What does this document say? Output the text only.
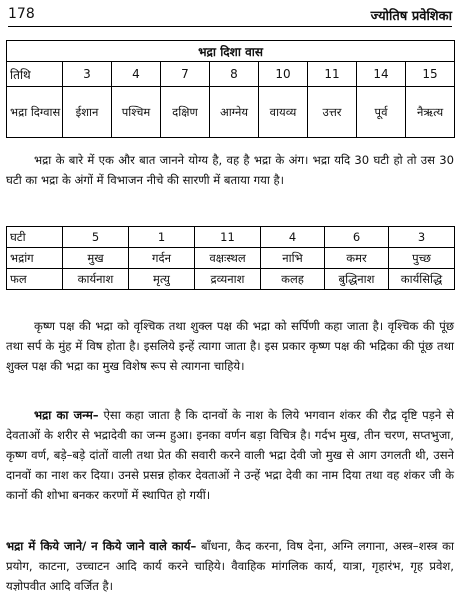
178	ज्योतिष प्रवेशिका
भद्रा दिशा वास								
तिथि	3	4	7	8	10	11	14	15
भद्रा दिग्वास	ईशान	पश्चिम	दक्षिण	आग्नेय	वायव्य	उत्तर	पूर्व	नैऋत्य
भद्रा के बारे में एक और बात जानने योग्य है, वह है भद्रा के अंग। भद्रा यदि 30 घटी हो तो उस 30 घटी का भद्रा के अंगों में विभाजन नीचे की सारणी में बताया गया है।
घटी	5	1	11	4	6	3
भद्रांग	मुख	गर्दन	वक्षःस्थल	नाभि	कमर	पुच्छ
फल	कार्यनाश	मृत्यु	द्रव्यनाश	कलह	बुद्धिनाश	कार्यसिद्धि
कृष्ण पक्ष की भद्रा को वृश्चिक तथा शुक्ल पक्ष की भद्रा को सर्पिणी कहा जाता है। वृश्चिक की पूंछ तथा सर्प के मुंह में विष होता है। इसलिये इन्हें त्यागा जाता है। इस प्रकार कृष्ण पक्ष की भद्रिका की पूंछ तथा शुक्ल पक्ष की भद्रा का मुख विशेष रूप से त्यागना चाहिये।
भद्रा का जन्म– ऐसा कहा जाता है कि दानवों के नाश के लिये भगवान शंकर की रौद्र दृष्टि पड़ने से देवताओं के शरीर से भद्रादेवी का जन्म हुआ। इनका वर्णन बड़ा विचित्र है। गर्दभ मुख, तीन चरण, सप्तभुजा, कृष्ण वर्ण, बड़े–बड़े दांतों वाली तथा प्रेत की सवारी करने वाली भद्रा देवी जो मुख से आग उगलती थी, उसने दानवों का नाश कर दिया। उनसे प्रसन्न होकर देवताओं ने उन्हें भद्रा देवी का नाम दिया तथा वह शंकर जी के कानों की शोभा बनकर करणों में स्थापित हो गयीं।
भद्रा में किये जाने/ न किये जाने वाले कार्य– बाँधना, कैद करना, विष देना, अग्नि लगाना, अस्त्र–शस्त्र का प्रयोग, काटना, उच्चाटन आदि कार्य करने चाहिये। वैवाहिक मांगलिक कार्य, यात्रा, गृहारंभ, गृह प्रवेश, यज्ञोपवीत आदि वर्जित है।
